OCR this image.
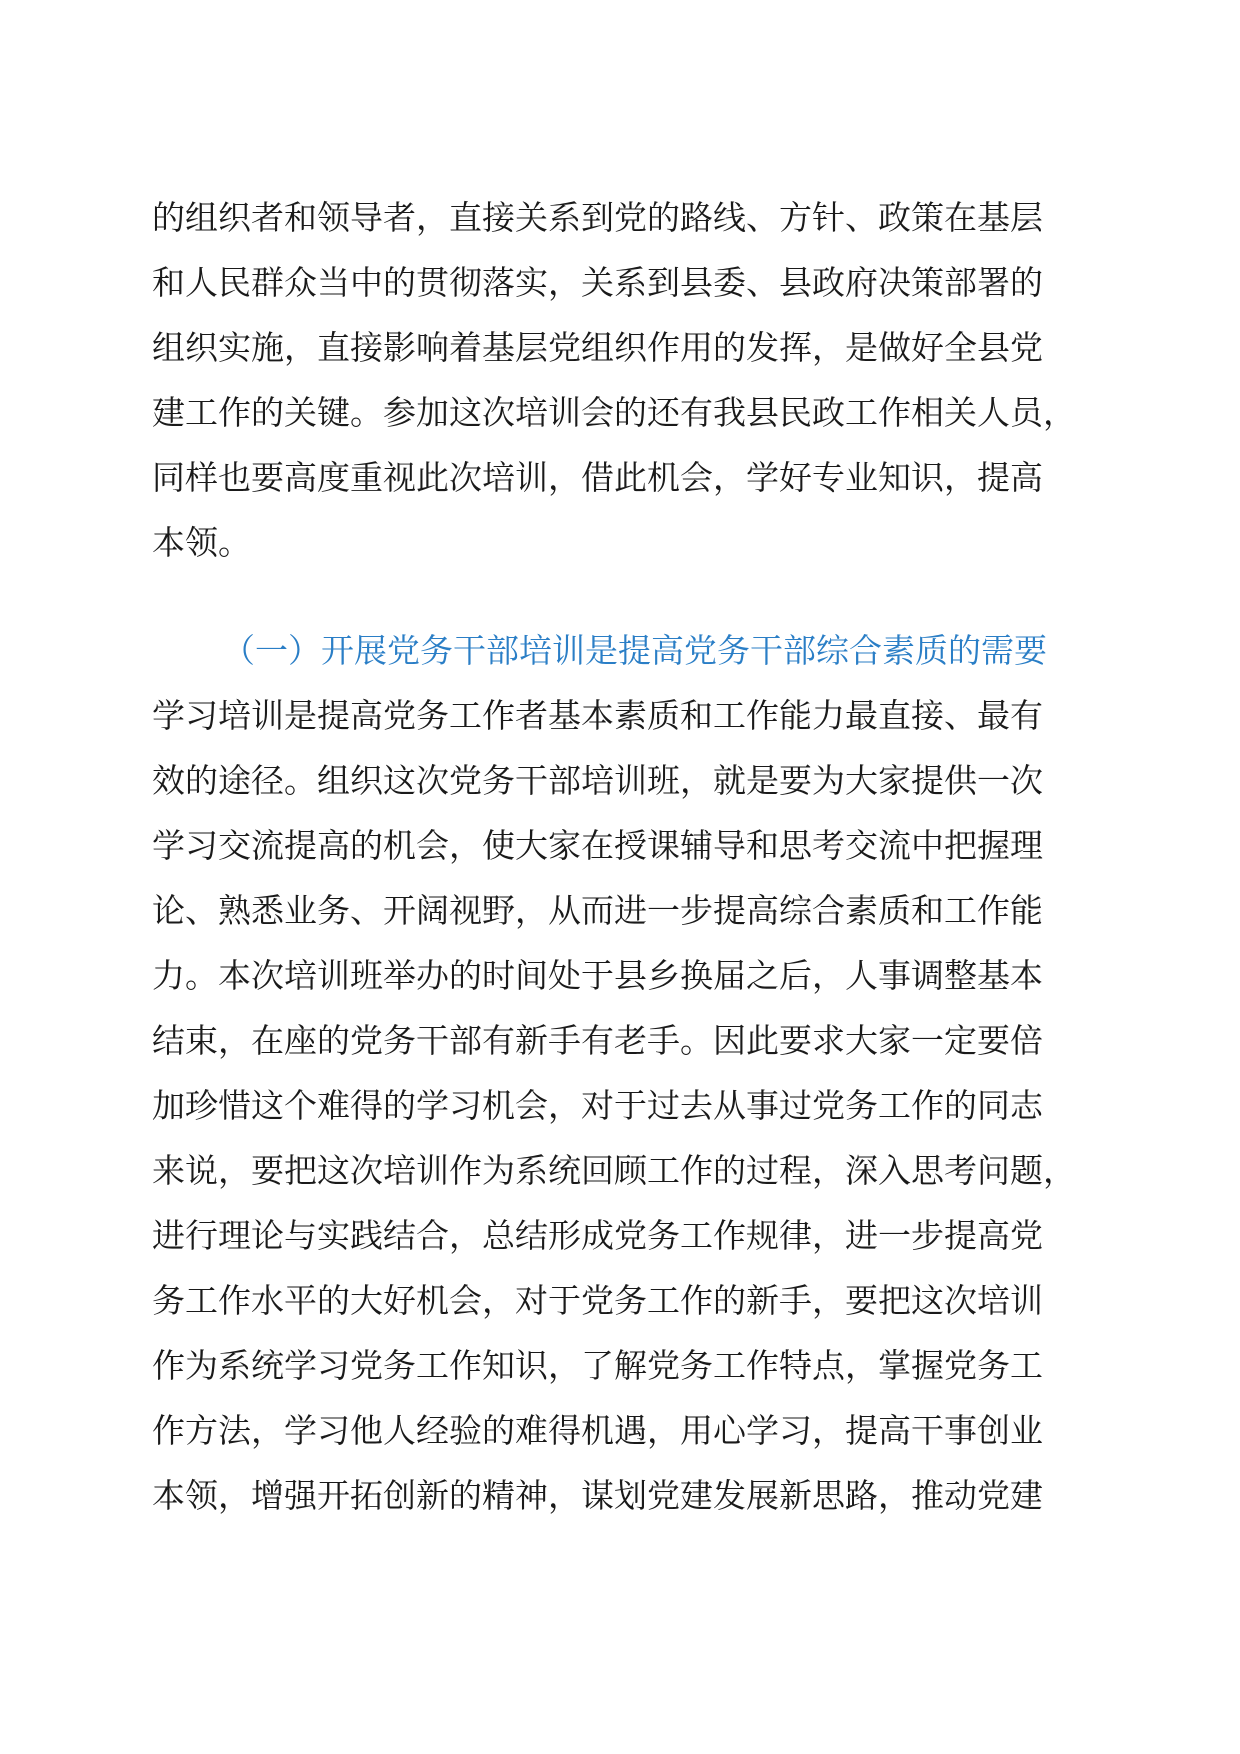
的组织者和领导者，直接关系到党的路线、方针、政策在基层
和人民群众当中的贯彻落实，关系到县委、县政府决策部署的
组织实施，直接影响着基层党组织作用的发挥，是做好全县党
建工作的关键。参加这次培训会的还有我县民政工作相关人员，
同样也要高度重视此次培训，借此机会，学好专业知识，提高
本领。
（一）开展党务干部培训是提高党务干部综合素质的需要
学习培训是提高党务工作者基本素质和工作能力最直接、最有
效的途径。组织这次党务干部培训班，就是要为大家提供一次
学习交流提高的机会，使大家在授课辅导和思考交流中把握理
论、熟悉业务、开阔视野，从而进一步提高综合素质和工作能
力。本次培训班举办的时间处于县乡换届之后，人事调整基本
结束，在座的党务干部有新手有老手。因此要求大家一定要倍
加珍惜这个难得的学习机会，对于过去从事过党务工作的同志
来说，要把这次培训作为系统回顾工作的过程，深入思考问题，
进行理论与实践结合，总结形成党务工作规律，进一步提高党
务工作水平的大好机会，对于党务工作的新手，要把这次培训
作为系统学习党务工作知识，了解党务工作特点，掌握党务工
作方法，学习他人经验的难得机遇，用心学习，提高干事创业
本领，增强开拓创新的精神，谋划党建发展新思路，推动党建
